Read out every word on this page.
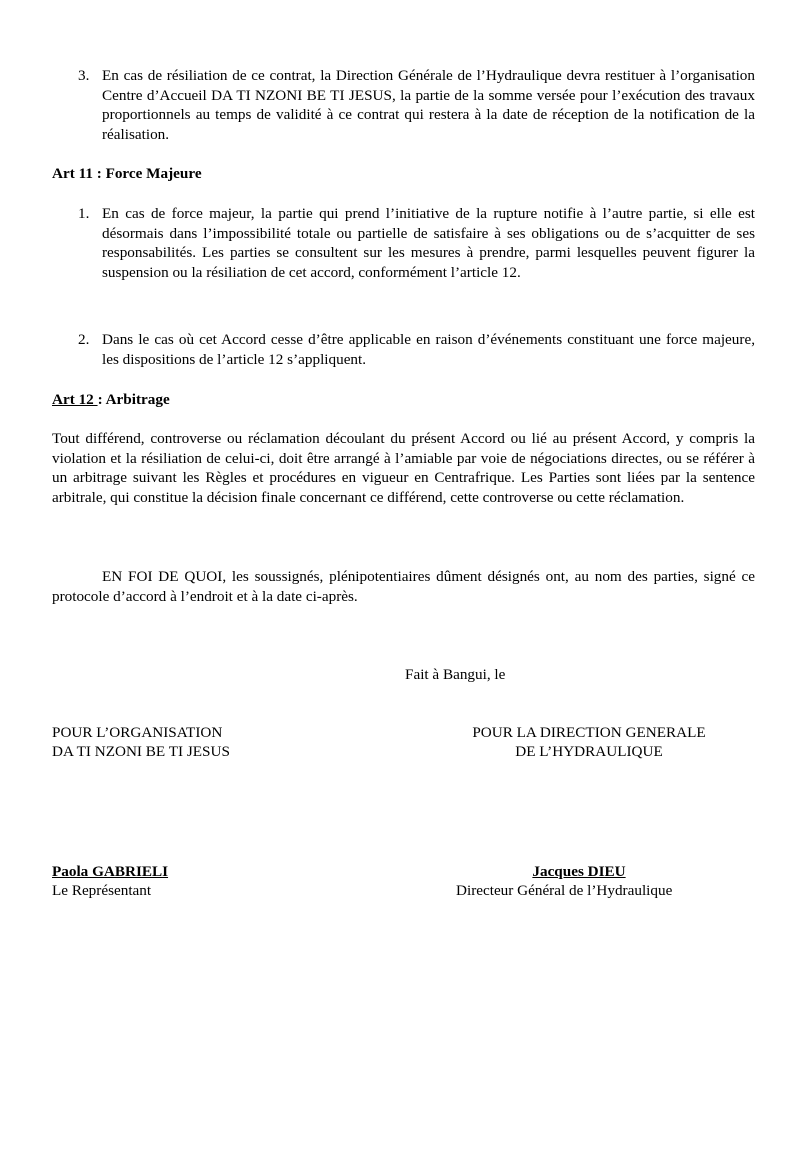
3. En cas de résiliation de ce contrat, la Direction Générale de l’Hydraulique devra restituer à l’organisation Centre d’Accueil DA TI NZONI BE TI JESUS, la partie de la somme versée pour l’exécution des travaux proportionnels au temps de validité à ce contrat qui restera à la date de réception de la notification de la réalisation.

Art 11 : Force Majeure

1. En cas de force majeur, la partie qui prend l’initiative de la rupture notifie à l’autre partie, si elle est désormais dans l’impossibilité totale ou partielle de satisfaire à ses obligations ou de s’acquitter de ses responsabilités. Les parties se consultent sur les mesures à prendre, parmi lesquelles peuvent figurer la suspension ou la résiliation de cet accord, conformément l’article 12.

2. Dans le cas où cet Accord cesse d’être applicable en raison d’événements constituant une force majeure, les dispositions de l’article 12 s’appliquent.

Art 12 : Arbitrage

Tout différend, controverse ou réclamation découlant du présent Accord ou lié au présent Accord, y compris la violation et la résiliation de celui-ci, doit être arrangé à l’amiable par voie de négociations directes, ou se référer à un arbitrage suivant les Règles et procédures en vigueur en Centrafrique. Les Parties sont liées par la sentence arbitrale, qui constitue la décision finale concernant ce différend, cette controverse ou cette réclamation.

EN FOI DE QUOI, les soussignés, plénipotentiaires dûment désignés ont, au nom des parties, signé ce protocole d’accord à l’endroit et à la date ci-après.

Fait à Bangui, le

POUR L’ORGANISATION

DA TI NZONI BE TI JESUS

POUR LA DIRECTION GENERALE

DE L’HYDRAULIQUE

Paola GABRIELI

Le Représentant

Jacques DIEU

Directeur Général de l’Hydraulique
